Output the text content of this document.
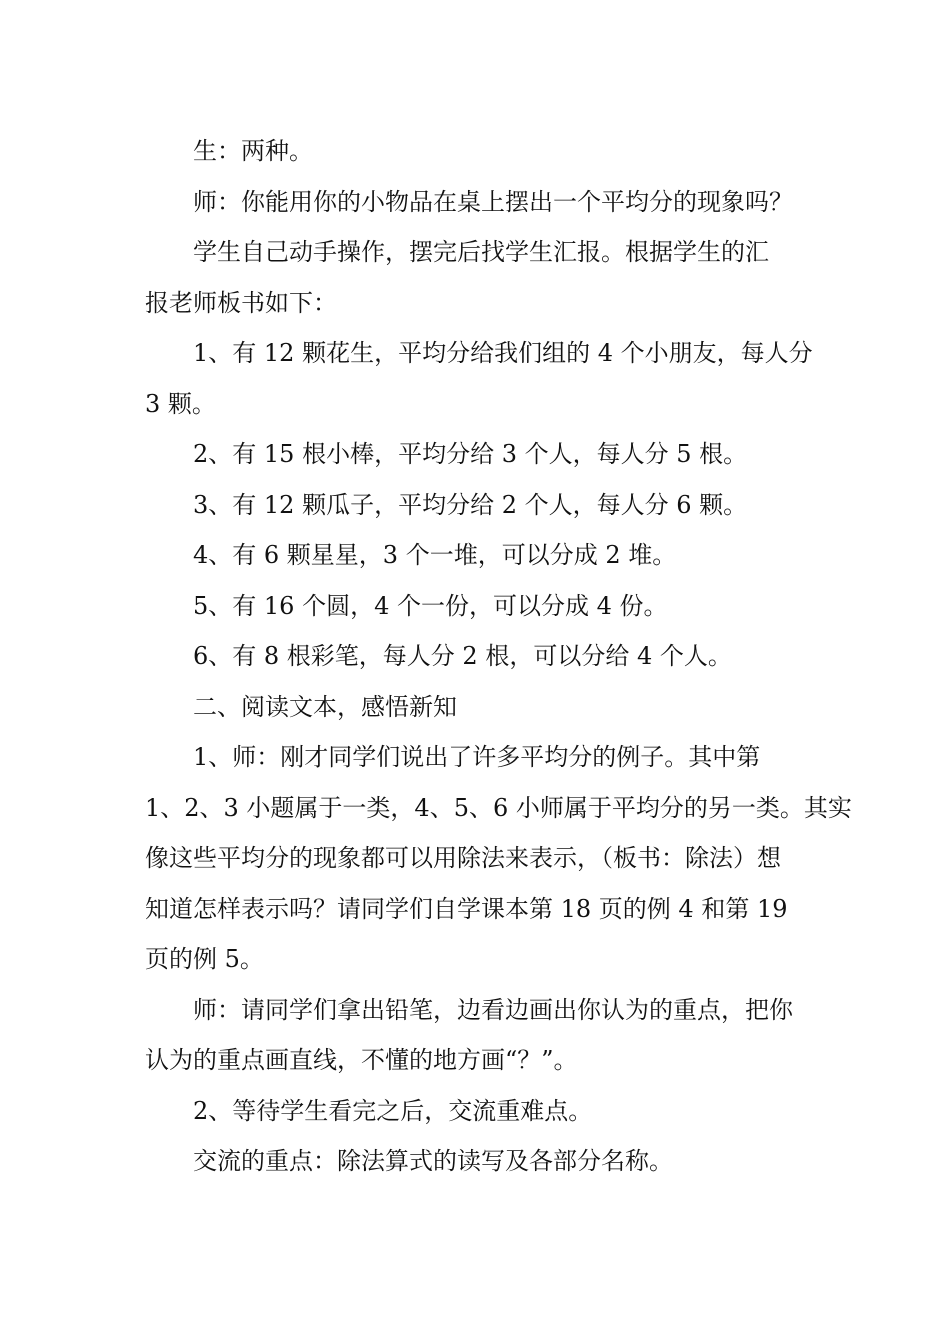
生：两种。
师：你能用你的小物品在桌上摆出一个平均分的现象吗？
学生自己动手操作，摆完后找学生汇报。根据学生的汇
报老师板书如下：
1、有 12 颗花生，平均分给我们组的 4 个小朋友，每人分
3 颗。
2、有 15 根小棒，平均分给 3 个人，每人分 5 根。
3、有 12 颗瓜子，平均分给 2 个人，每人分 6 颗。
4、有 6 颗星星，3 个一堆，可以分成 2 堆。
5、有 16 个圆，4 个一份，可以分成 4 份。
6、有 8 根彩笔，每人分 2 根，可以分给 4 个人。
二、阅读文本，感悟新知
1、师：刚才同学们说出了许多平均分的例子。其中第
1、2、3 小题属于一类，4、5、6 小师属于平均分的另一类。其实
像这些平均分的现象都可以用除法来表示，（板书：除法）想
知道怎样表示吗？请同学们自学课本第 18 页的例 4 和第 19
页的例 5。
师：请同学们拿出铅笔，边看边画出你认为的重点，把你
认为的重点画直线，不懂的地方画“？”。
2、等待学生看完之后，交流重难点。
交流的重点：除法算式的读写及各部分名称。
